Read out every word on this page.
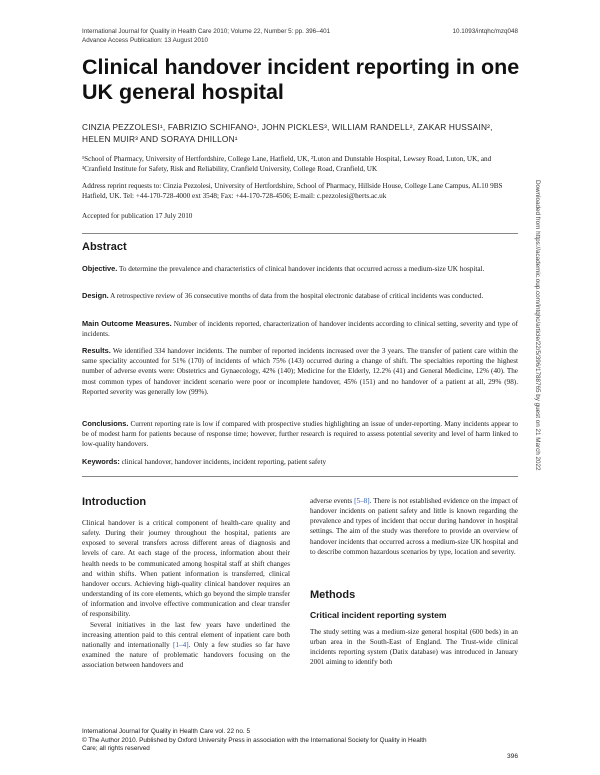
International Journal for Quality in Health Care 2010; Volume 22, Number 5: pp. 396–401
Advance Access Publication: 13 August 2010
10.1093/intqhc/mzq048
Clinical handover incident reporting in one UK general hospital
CINZIA PEZZOLESI¹, FABRIZIO SCHIFANO¹, JOHN PICKLES³, WILLIAM RANDELL², ZAKAR HUSSAIN², HELEN MUIR³ AND SORAYA DHILLON¹
¹School of Pharmacy, University of Hertfordshire, College Lane, Hatfield, UK, ²Luton and Dunstable Hospital, Lewsey Road, Luton, UK, and ³Cranfield Institute for Safety, Risk and Reliability, Cranfield University, College Road, Cranfield, UK
Address reprint requests to: Cinzia Pezzolesi, University of Hertfordshire, School of Pharmacy, Hillside House, College Lane Campus, AL10 9BS Hatfield, UK. Tel: +44-170-728-4000 ext 3548; Fax: +44-170-728-4506; E-mail: c.pezzolesi@herts.ac.uk
Accepted for publication 17 July 2010
Abstract
Objective. To determine the prevalence and characteristics of clinical handover incidents that occurred across a medium-size UK hospital.
Design. A retrospective review of 36 consecutive months of data from the hospital electronic database of critical incidents was conducted.
Main Outcome Measures. Number of incidents reported, characterization of handover incidents according to clinical setting, severity and type of incidents.
Results. We identified 334 handover incidents. The number of reported incidents increased over the 3 years. The transfer of patient care within the same speciality accounted for 51% (170) of incidents of which 75% (143) occurred during a change of shift. The specialties reporting the highest number of adverse events were: Obstetrics and Gynaecology, 42% (140); Medicine for the Elderly, 12.2% (41) and General Medicine, 12% (40). The most common types of handover incident scenario were poor or incomplete handover, 45% (151) and no handover of a patient at all, 29% (98). Reported severity was generally low (99%).
Conclusions. Current reporting rate is low if compared with prospective studies highlighting an issue of under-reporting. Many incidents appear to be of modest harm for patients because of response time; however, further research is required to assess potential severity and level of harm linked to low-quality handovers.
Keywords: clinical handover, handover incidents, incident reporting, patient safety
Introduction

Clinical handover is a critical component of health-care quality and safety. During their journey throughout the hospital, patients are exposed to several transfers across different areas of diagnosis and levels of care. At each stage of the process, information about their health needs to be communicated among hospital staff at shift changes and within shifts. When patient information is transferred, clinical handover occurs. Achieving high-quality clinical handover requires an understanding of its core elements, which go beyond the simple transfer of information and involve effective communication and clear transfer of responsibility.

Several initiatives in the last few years have underlined the increasing attention paid to this central element of inpatient care both nationally and internationally [1–4]. Only a few studies so far have examined the nature of problematic handovers focusing on the association between handovers and

adverse events [5–8]. There is not established evidence on the impact of handover incidents on patient safety and little is known regarding the prevalence and types of incident that occur during handover in hospital settings. The aim of the study was therefore to provide an overview of handover incidents that occurred across a medium-size UK hospital and to describe common hazardous scenarios by type, location and severity.

Methods
Critical incident reporting system

The study setting was a medium-size general hospital (600 beds) in an urban area in the South-East of England. The Trust-wide clinical incidents reporting system (Datix database) was introduced in January 2001 aiming to identify both

International Journal for Quality in Health Care vol. 22 no. 5
© The Author 2010. Published by Oxford University Press in association with the International Society for Quality in Health Care; all rights reserved
396
Downloaded from https://academic.oup.com/intqhc/article/22/5/396/1788765 by guest on 21 March 2022
